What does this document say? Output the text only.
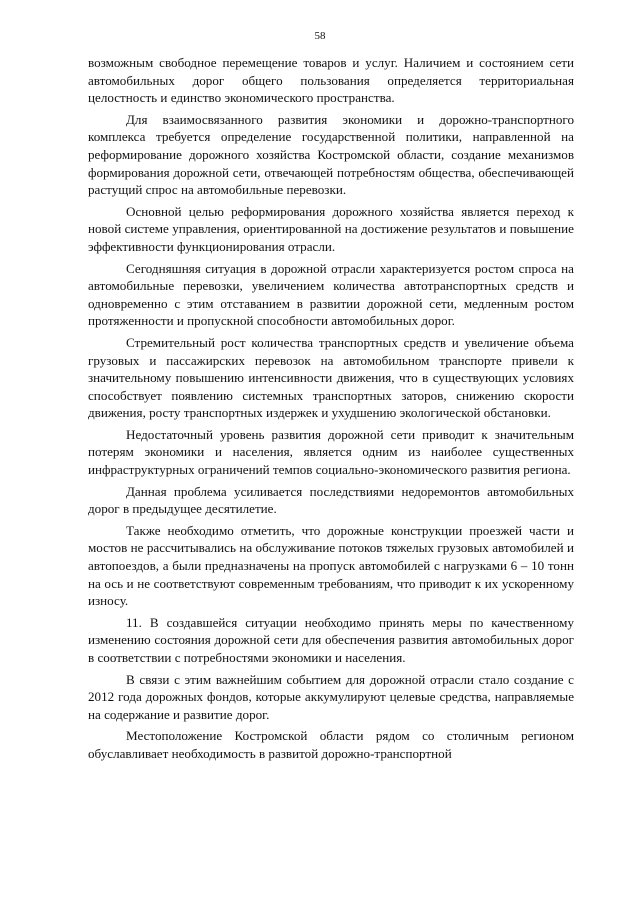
58

возможным свободное перемещение товаров и услуг. Наличием и состоянием сети автомобильных дорог общего пользования определяется территориальная целостность и единство экономического пространства.

Для взаимосвязанного развития экономики и дорожно-транспортного комплекса требуется определение государственной политики, направленной на реформирование дорожного хозяйства Костромской области, создание механизмов формирования дорожной сети, отвечающей потребностям общества, обеспечивающей растущий спрос на автомобильные перевозки.

Основной целью реформирования дорожного хозяйства является переход к новой системе управления, ориентированной на достижение результатов и повышение эффективности функционирования отрасли.

Сегодняшняя ситуация в дорожной отрасли характеризуется ростом спроса на автомобильные перевозки, увеличением количества автотранспортных средств и одновременно с этим отставанием в развитии дорожной сети, медленным ростом протяженности и пропускной способности автомобильных дорог.

Стремительный рост количества транспортных средств и увеличение объема грузовых и пассажирских перевозок на автомобильном транспорте привели к значительному повышению интенсивности движения, что в существующих условиях способствует появлению системных транспортных заторов, снижению скорости движения, росту транспортных издержек и ухудшению экологической обстановки.

Недостаточный уровень развития дорожной сети приводит к значительным потерям экономики и населения, является одним из наиболее существенных инфраструктурных ограничений темпов социально-экономического развития региона.

Данная проблема усиливается последствиями недоремонтов автомобильных дорог в предыдущее десятилетие.

Также необходимо отметить, что дорожные конструкции проезжей части и мостов не рассчитывались на обслуживание потоков тяжелых грузовых автомобилей и автопоездов, а были предназначены на пропуск автомобилей с нагрузками 6 – 10 тонн на ось и не соответствуют современным требованиям, что приводит к их ускоренному износу.

11. В создавшейся ситуации необходимо принять меры по качественному изменению состояния дорожной сети для обеспечения развития автомобильных дорог в соответствии с потребностями экономики и населения.

В связи с этим важнейшим событием для дорожной отрасли стало создание с 2012 года дорожных фондов, которые аккумулируют целевые средства, направляемые на содержание и развитие дорог.

Местоположение Костромской области рядом со столичным регионом обуславливает необходимость в развитой дорожно-транспортной
